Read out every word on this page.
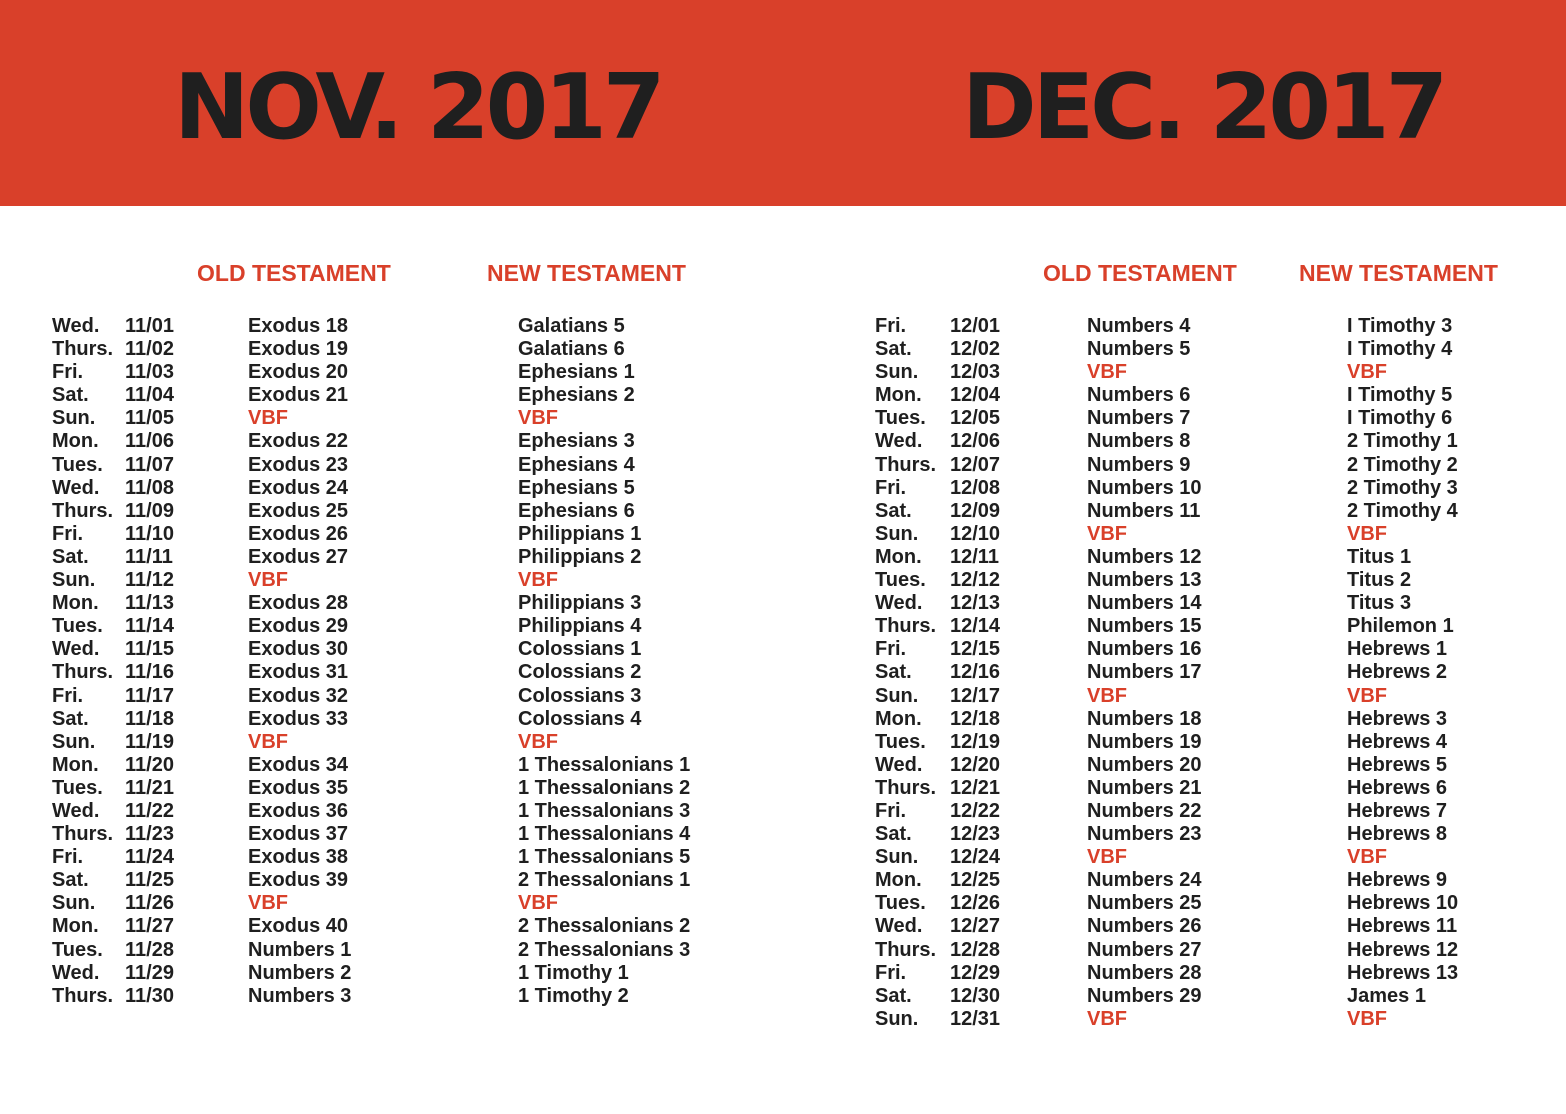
NOV. 2017	DEC. 2017
OLD TESTAMENT	NEW TESTAMENT	OLD TESTAMENT	NEW TESTAMENT
Wed. 11/01	Exodus 18	Galatians 5
Thurs. 11/02	Exodus 19	Galatians 6
Fri. 11/03	Exodus 20	Ephesians 1
Sat. 11/04	Exodus 21	Ephesians 2
Sun. 11/05	VBF	VBF
Mon. 11/06	Exodus 22	Ephesians 3
Tues. 11/07	Exodus 23	Ephesians 4
Wed. 11/08	Exodus 24	Ephesians 5
Thurs. 11/09	Exodus 25	Ephesians 6
Fri. 11/10	Exodus 26	Philippians 1
Sat. 11/11	Exodus 27	Philippians 2
Sun. 11/12	VBF	VBF
Mon. 11/13	Exodus 28	Philippians 3
Tues. 11/14	Exodus 29	Philippians 4
Wed. 11/15	Exodus 30	Colossians 1
Thurs. 11/16	Exodus 31	Colossians 2
Fri. 11/17	Exodus 32	Colossians 3
Sat. 11/18	Exodus 33	Colossians 4
Sun. 11/19	VBF	VBF
Mon. 11/20	Exodus 34	1 Thessalonians 1
Tues. 11/21	Exodus 35	1 Thessalonians 2
Wed. 11/22	Exodus 36	1 Thessalonians 3
Thurs. 11/23	Exodus 37	1 Thessalonians 4
Fri. 11/24	Exodus 38	1 Thessalonians 5
Sat. 11/25	Exodus 39	2 Thessalonians 1
Sun. 11/26	VBF	VBF
Mon. 11/27	Exodus 40	2 Thessalonians 2
Tues. 11/28	Numbers 1	2 Thessalonians 3
Wed. 11/29	Numbers 2	1 Timothy 1
Thurs. 11/30	Numbers 3	1 Timothy 2
Fri. 12/01	Numbers 4	I Timothy 3
Sat. 12/02	Numbers 5	I Timothy 4
Sun. 12/03	VBF	VBF
Mon. 12/04	Numbers 6	I Timothy 5
Tues. 12/05	Numbers 7	I Timothy 6
Wed. 12/06	Numbers 8	2 Timothy 1
Thurs. 12/07	Numbers 9	2 Timothy 2
Fri. 12/08	Numbers 10	2 Timothy 3
Sat. 12/09	Numbers 11	2 Timothy 4
Sun. 12/10	VBF	VBF
Mon. 12/11	Numbers 12	Titus 1
Tues. 12/12	Numbers 13	Titus 2
Wed. 12/13	Numbers 14	Titus 3
Thurs. 12/14	Numbers 15	Philemon 1
Fri. 12/15	Numbers 16	Hebrews 1
Sat. 12/16	Numbers 17	Hebrews 2
Sun. 12/17	VBF	VBF
Mon. 12/18	Numbers 18	Hebrews 3
Tues. 12/19	Numbers 19	Hebrews 4
Wed. 12/20	Numbers 20	Hebrews 5
Thurs. 12/21	Numbers 21	Hebrews 6
Fri. 12/22	Numbers 22	Hebrews 7
Sat. 12/23	Numbers 23	Hebrews 8
Sun. 12/24	VBF	VBF
Mon. 12/25	Numbers 24	Hebrews 9
Tues. 12/26	Numbers 25	Hebrews 10
Wed. 12/27	Numbers 26	Hebrews 11
Thurs. 12/28	Numbers 27	Hebrews 12
Fri. 12/29	Numbers 28	Hebrews 13
Sat. 12/30	Numbers 29	James 1
Sun. 12/31	VBF	VBF
